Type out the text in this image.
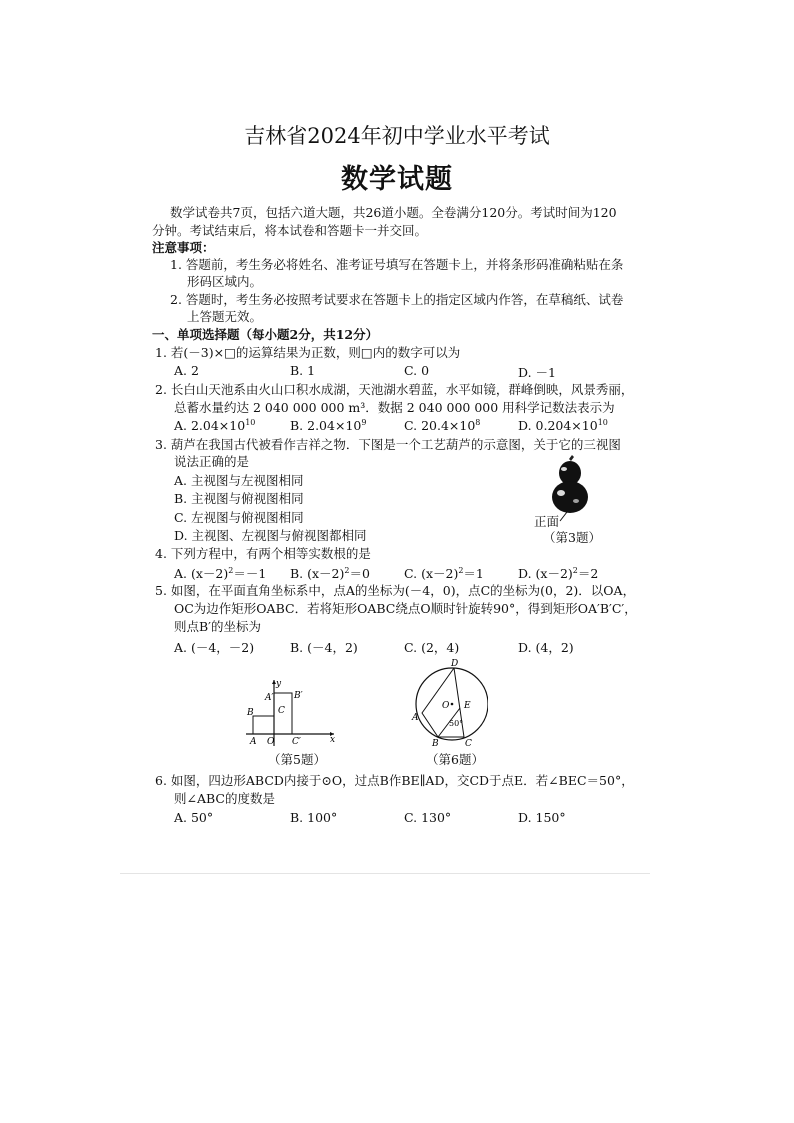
吉林省2024年初中学业水平考试
数学试题
数学试卷共7页，包括六道大题，共26道小题。全卷满分120分。考试时间为120
分钟。考试结束后，将本试卷和答题卡一并交回。
注意事项：
1. 答题前，考生务必将姓名、准考证号填写在答题卡上，并将条形码准确粘贴在条
形码区域内。
2. 答题时，考生务必按照考试要求在答题卡上的指定区域内作答，在草稿纸、试卷
上答题无效。
一、单项选择题（每小题2分，共12分）
1. 若(－3)×□的运算结果为正数，则□内的数字可以为
A. 2	B. 1	C. 0	D. －1
2. 长白山天池系由火山口积水成湖，天池湖水碧蓝，水平如镜，群峰倒映，风景秀丽，
总蓄水量约达 2 040 000 000 m³．数据 2 040 000 000 用科学记数法表示为
A. $2.04\times 10^{10}$	B. $2.04\times 10^9$	C. $20.4\times 10^8$	D. $0.204\times 10^{10}$
3. 葫芦在我国古代被看作吉祥之物．下图是一个工艺葫芦的示意图，关于它的三视图
说法正确的是
A. 主视图与左视图相同
B. 主视图与俯视图相同
C. 左视图与俯视图相同
D. 主视图、左视图与俯视图都相同
正面
（第3题）
4. 下列方程中，有两个相等实数根的是
A. $(x-2)^2=-1$ B. $(x-2)^2=0$	C. $(x-2)^2=1$	D. $(x-2)^2=2$
5. 如图，在平面直角坐标系中，点A的坐标为(－4，0)，点C的坐标为(0，2)．以OA，
OC为边作矩形OABC．若将矩形OABC绕点O顺时针旋转90°，得到矩形OA′B′C′，
则点B′的坐标为
A. (－4，－2)	B. (－4，2)	C. (2，4)	D. (4，2)
y
x
A′ B′
B	C
A O C′
（第5题）
D
A
O E
50°
B	C
（第6题）
6. 如图，四边形ABCD内接于⊙O，过点B作BE∥AD，交CD于点E．若∠BEC＝50°，
则∠ABC的度数是
A. 50°	B. 100°	C. 130°	D. 150°
